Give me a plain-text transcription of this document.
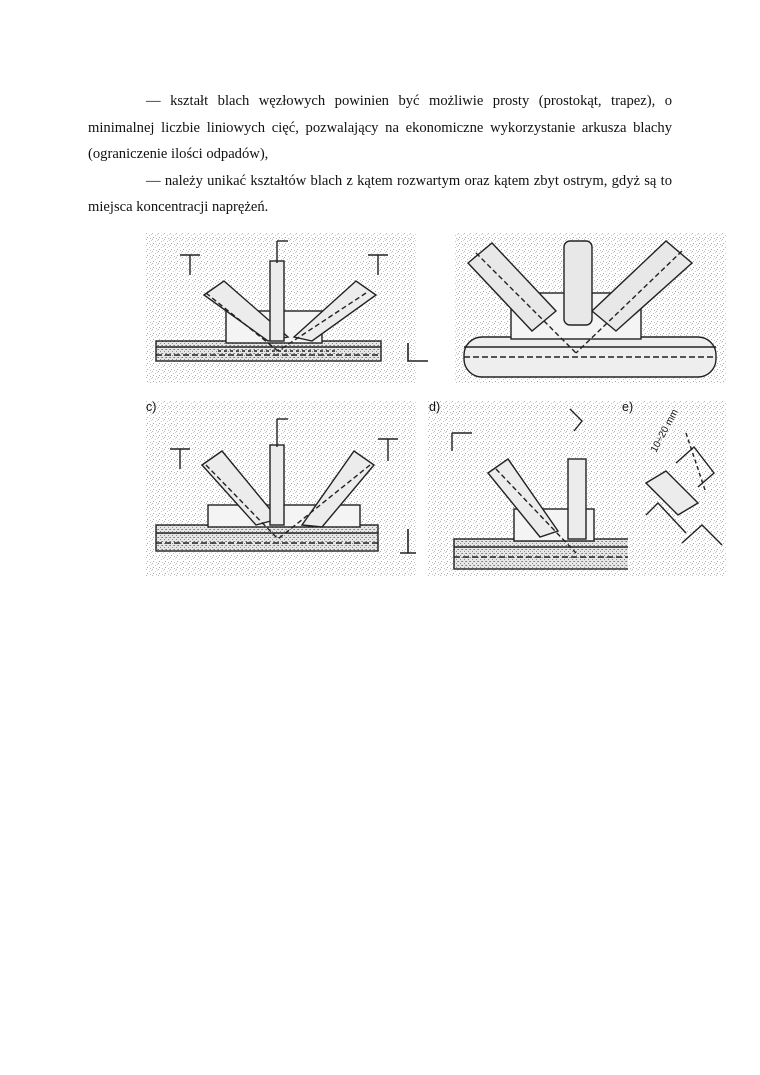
— kształt blach węzłowych powinien być możliwie prosty (prostokąt, trapez), o minimalnej liczbie liniowych cięć, pozwalający na ekonomiczne wykorzystanie arkusza blachy (ograniczenie ilości odpadów),

— należy unikać kształtów blach z kątem rozwartym oraz kątem zbyt ostrym, gdyż są to miejsca koncentracji naprężeń.

c)	d)	e)
10÷20 mm
